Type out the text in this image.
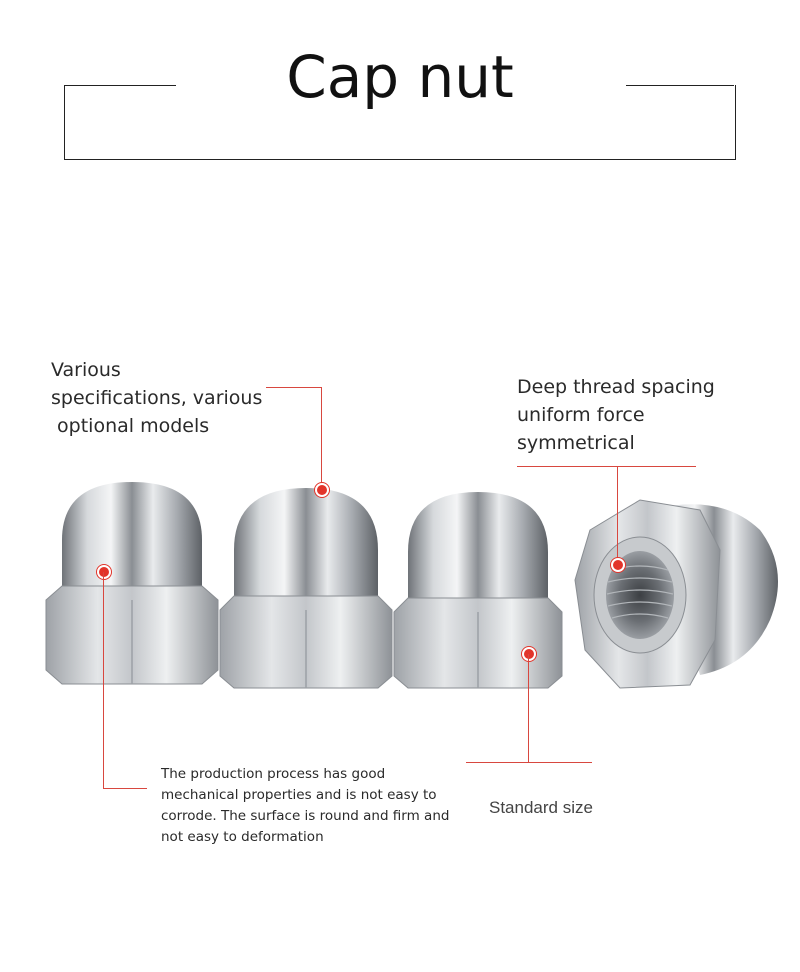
Cap nut
Various
specifications, various
optional models
Deep thread spacing
uniform force
symmetrical
The production process has good mechanical properties and is not easy to corrode. The surface is round and firm and not easy to deformation
Standard size
